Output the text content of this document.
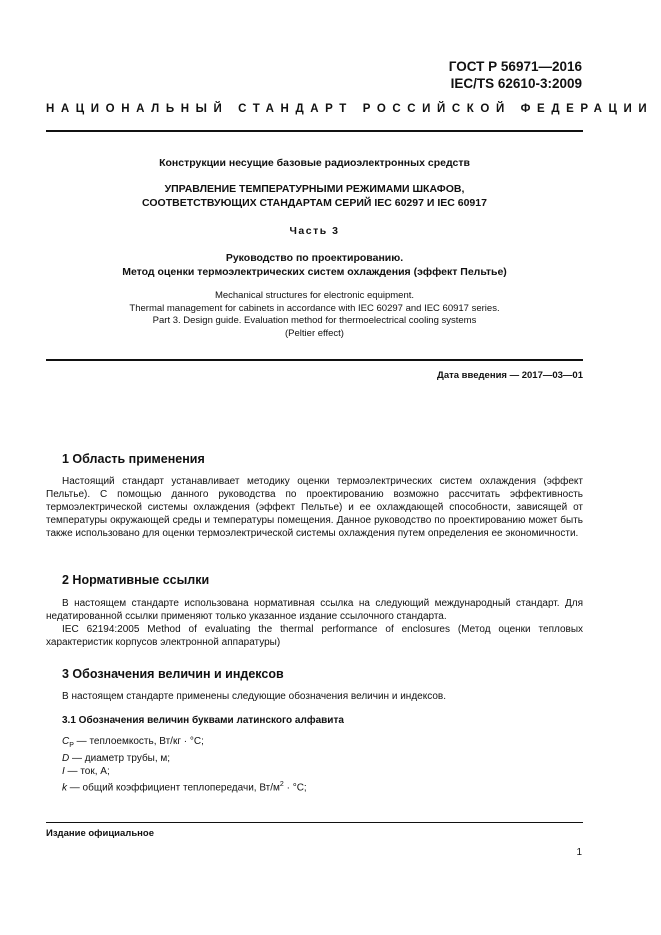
ГОСТ Р 56971—2016
IEC/TS 62610-3:2009
НАЦИОНАЛЬНЫЙ СТАНДАРТ РОССИЙСКОЙ ФЕДЕРАЦИИ
Конструкции несущие базовые радиоэлектронных средств
УПРАВЛЕНИЕ ТЕМПЕРАТУРНЫМИ РЕЖИМАМИ ШКАФОВ,
СООТВЕТСТВУЮЩИХ СТАНДАРТАМ СЕРИЙ IEC 60297 И IEC 60917
Часть 3
Руководство по проектированию.
Метод оценки термоэлектрических систем охлаждения (эффект Пельтье)
Mechanical structures for electronic equipment.
Thermal management for cabinets in accordance with IEC 60297 and IEC 60917 series.
Part 3. Design guide. Evaluation method for thermoelectrical cooling systems
(Peltier effect)
Дата введения — 2017—03—01
1 Область применения

Настоящий стандарт устанавливает методику оценки термоэлектрических систем охлаждения (эффект Пельтье). С помощью данного руководства по проектированию возможно рассчитать эффективность термоэлектрической системы охлаждения (эффект Пельтье) и ее охлаждающей способности, зависящей от температуры окружающей среды и температуры помещения. Данное руководство по проектированию может быть также использовано для оценки термоэлектрической системы охлаждения путем определения ее экономичности.

2 Нормативные ссылки

В настоящем стандарте использована нормативная ссылка на следующий международный стандарт. Для недатированной ссылки применяют только указанное издание ссылочного стандарта.

IEC 62194:2005 Method of evaluating the thermal performance of enclosures (Метод оценки тепловых характеристик корпусов электронной аппаратуры)

3 Обозначения величин и индексов

В настоящем стандарте применены следующие обозначения величин и индексов.

3.1 Обозначения величин буквами латинского алфавита
$C_P$ — теплоемкость, Вт/кг · °С;
D — диаметр трубы, м;
I — ток, А;
k — общий коэффициент теплопередачи, $Вт/м^2 \cdot ^\circ С$;
Издание официальное
1
